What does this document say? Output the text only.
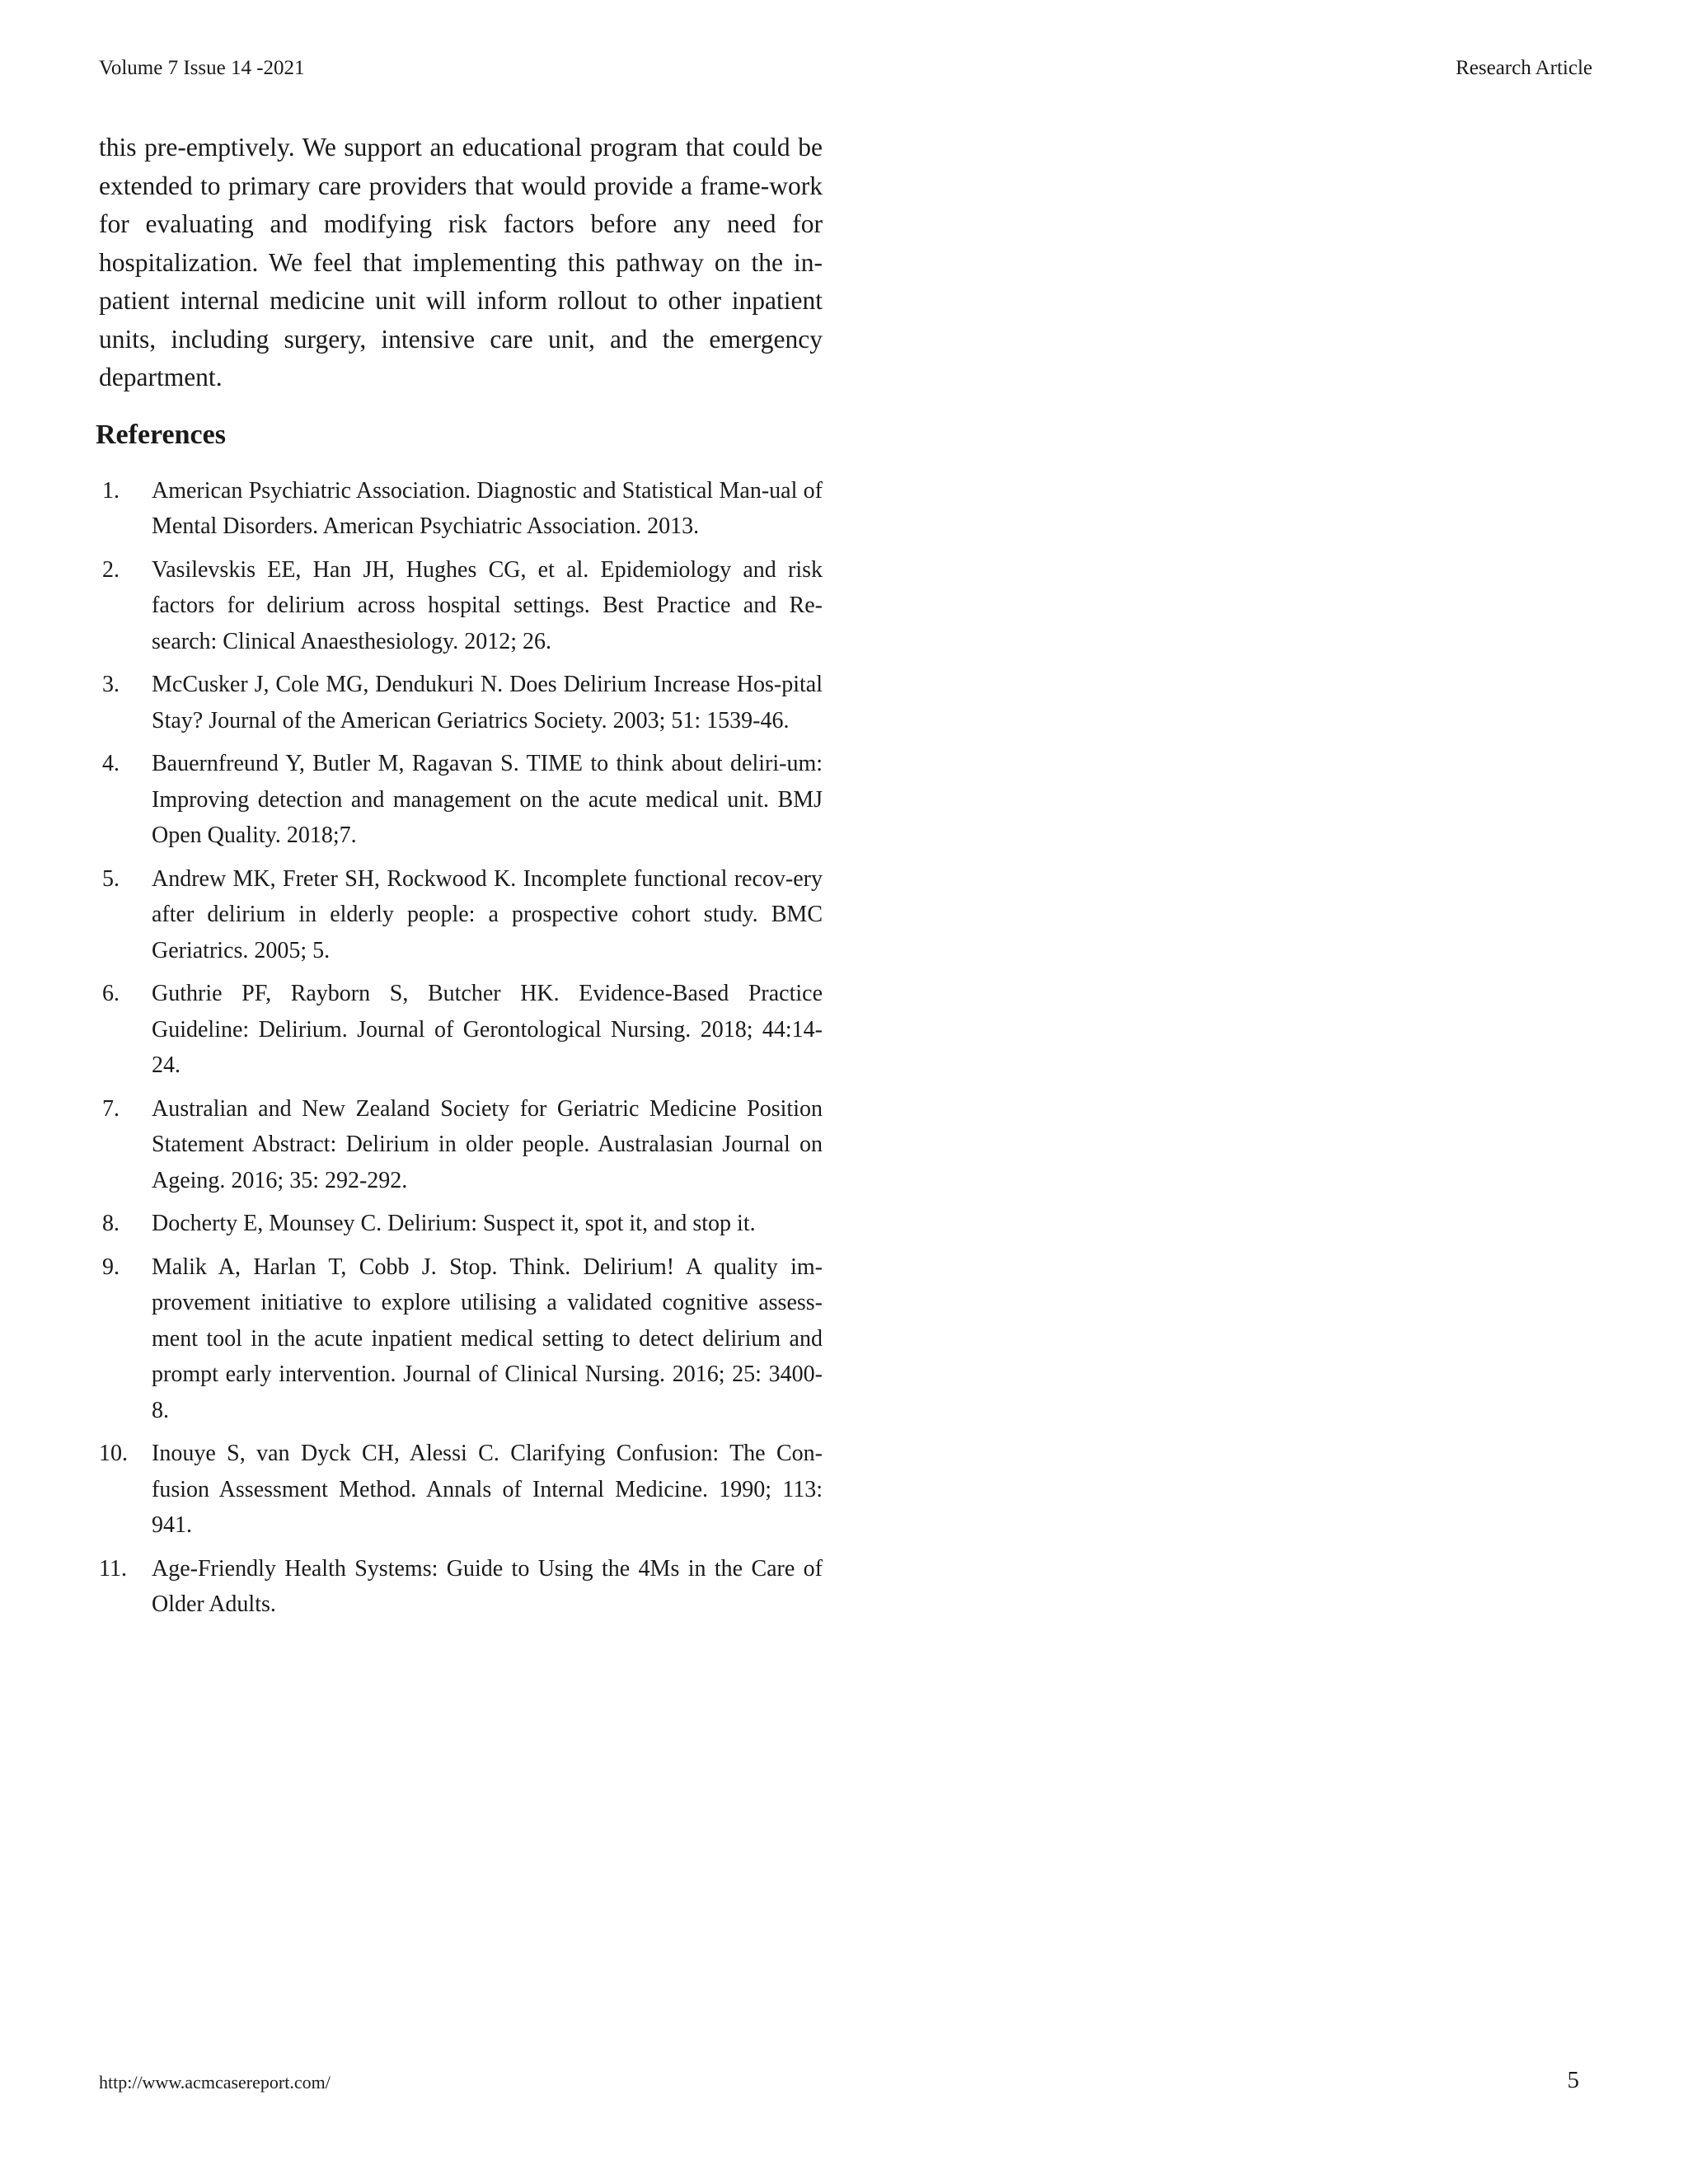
Volume 7 Issue 14 -2021	Research Article

this pre-emptively. We support an educational program that could be extended to primary care providers that would provide a frame-work for evaluating and modifying risk factors before any need for hospitalization. We feel that implementing this pathway on the in-patient internal medicine unit will inform rollout to other inpatient units, including surgery, intensive care unit, and the emergency department.

References
1. American Psychiatric Association. Diagnostic and Statistical Man-ual of Mental Disorders. American Psychiatric Association. 2013.
2. Vasilevskis EE, Han JH, Hughes CG, et al. Epidemiology and risk factors for delirium across hospital settings. Best Practice and Re-search: Clinical Anaesthesiology. 2012; 26.
3. McCusker J, Cole MG, Dendukuri N. Does Delirium Increase Hos-pital Stay? Journal of the American Geriatrics Society. 2003; 51: 1539-46.
4. Bauernfreund Y, Butler M, Ragavan S. TIME to think about deliri-um: Improving detection and management on the acute medical unit. BMJ Open Quality. 2018;7.
5. Andrew MK, Freter SH, Rockwood K. Incomplete functional recov-ery after delirium in elderly people: a prospective cohort study. BMC Geriatrics. 2005; 5.
6. Guthrie PF, Rayborn S, Butcher HK. Evidence-Based Practice Guideline: Delirium. Journal of Gerontological Nursing. 2018; 44:14-24.
7. Australian and New Zealand Society for Geriatric Medicine Position Statement Abstract: Delirium in older people. Australasian Journal on Ageing. 2016; 35: 292-292.
8. Docherty E, Mounsey C. Delirium: Suspect it, spot it, and stop it.
9. Malik A, Harlan T, Cobb J. Stop. Think. Delirium! A quality im-provement initiative to explore utilising a validated cognitive assess-ment tool in the acute inpatient medical setting to detect delirium and prompt early intervention. Journal of Clinical Nursing. 2016; 25: 3400-8.
10. Inouye S, van Dyck CH, Alessi C. Clarifying Confusion: The Con-fusion Assessment Method. Annals of Internal Medicine. 1990; 113: 941.
11. Age-Friendly Health Systems: Guide to Using the 4Ms in the Care of Older Adults.
http://www.acmcasereport.com/	5
